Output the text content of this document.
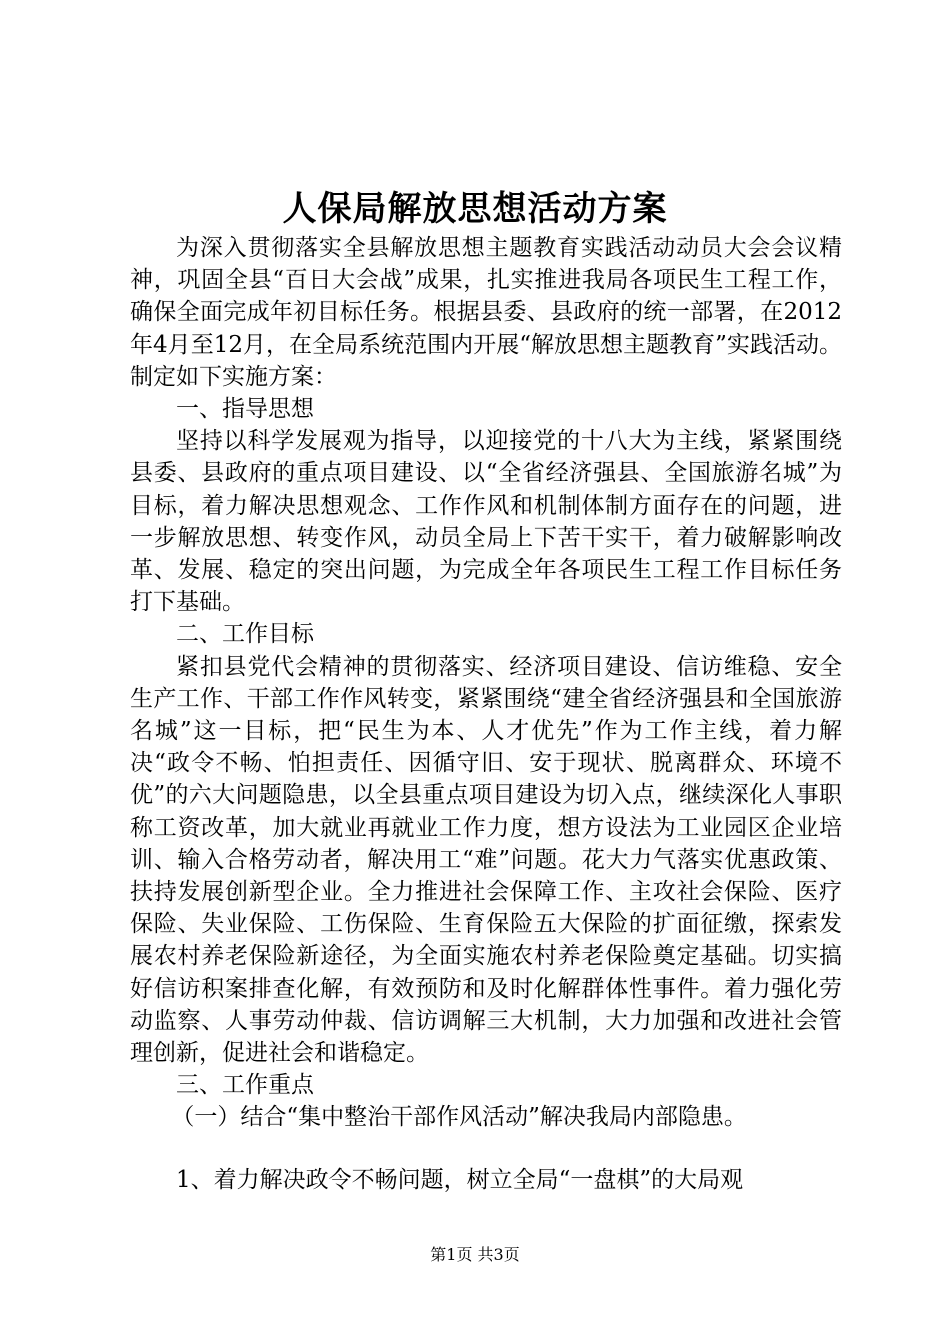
人保局解放思想活动方案

为深入贯彻落实全县解放思想主题教育实践活动动员大会会议精神，巩固全县“百日大会战”成果，扎实推进我局各项民生工程工作，确保全面完成年初目标任务。根据县委、县政府的统一部署，在2012年4月至12月，在全局系统范围内开展“解放思想主题教育”实践活动。制定如下实施方案：

一、指导思想

坚持以科学发展观为指导，以迎接党的十八大为主线，紧紧围绕县委、县政府的重点项目建设、以“全省经济强县、全国旅游名城”为目标，着力解决思想观念、工作作风和机制体制方面存在的问题，进一步解放思想、转变作风，动员全局上下苦干实干，着力破解影响改革、发展、稳定的突出问题，为完成全年各项民生工程工作目标任务打下基础。

二、工作目标

紧扣县党代会精神的贯彻落实、经济项目建设、信访维稳、安全生产工作、干部工作作风转变，紧紧围绕“建全省经济强县和全国旅游名城”这一目标，把“民生为本、人才优先”作为工作主线，着力解决“政令不畅、怕担责任、因循守旧、安于现状、脱离群众、环境不优”的六大问题隐患，以全县重点项目建设为切入点，继续深化人事职称工资改革，加大就业再就业工作力度，想方设法为工业园区企业培训、输入合格劳动者，解决用工“难”问题。花大力气落实优惠政策、扶持发展创新型企业。全力推进社会保障工作、主攻社会保险、医疗保险、失业保险、工伤保险、生育保险五大保险的扩面征缴，探索发展农村养老保险新途径，为全面实施农村养老保险奠定基础。切实搞好信访积案排查化解，有效预防和及时化解群体性事件。着力强化劳动监察、人事劳动仲裁、信访调解三大机制，大力加强和改进社会管理创新，促进社会和谐稳定。

三、工作重点

（一）结合“集中整治干部作风活动”解决我局内部隐患。

1、着力解决政令不畅问题，树立全局“一盘棋”的大局观

第1页 共3页
